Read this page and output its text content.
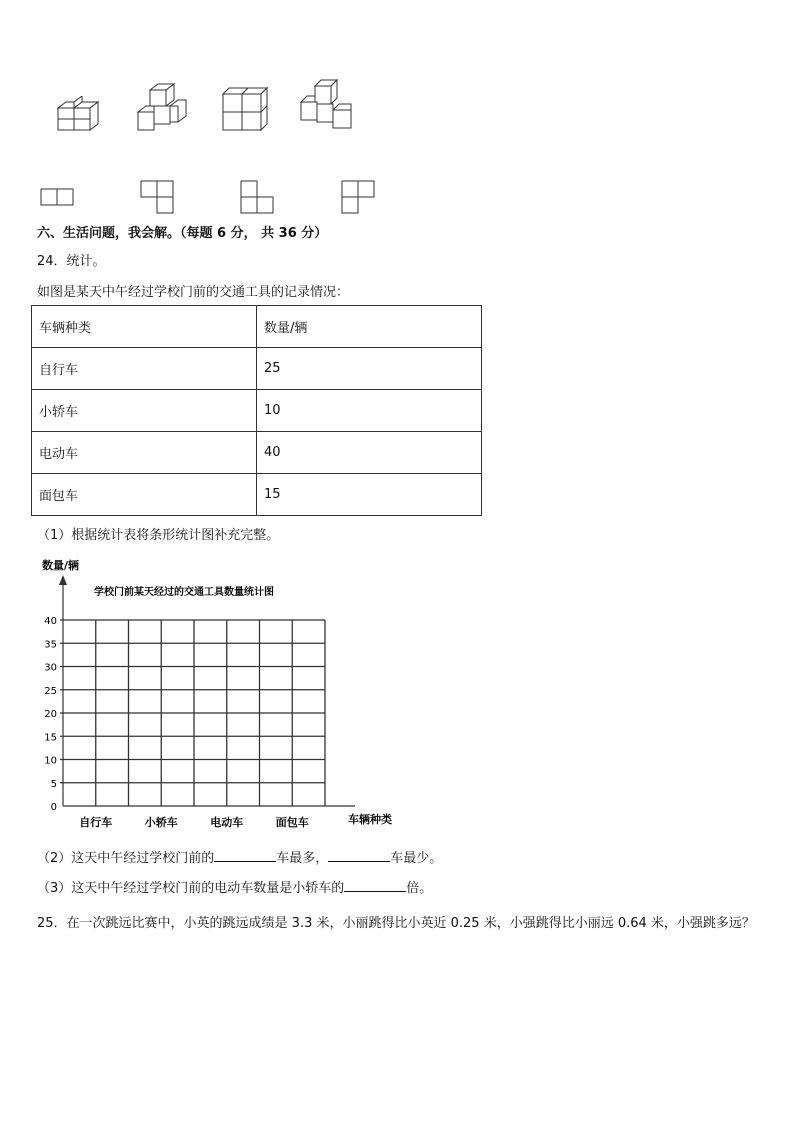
六、生活问题，我会解。（每题 6 分， 共 36 分）
24．统计。
如图是某天中午经过学校门前的交通工具的记录情况：
车辆种类	数量/辆
自行车	25
小轿车	10
电动车	40
面包车	15
（1）根据统计表将条形统计图补充完整。
数量/辆
学校门前某天经过的交通工具数量统计图
车辆种类
0
5
10
15
20
25
30
35
40
自行车	小轿车	电动车	面包车
（2）这天中午经过学校门前的	车最多，	车最少。
（3）这天中午经过学校门前的电动车数量是小轿车的	倍。
25．在一次跳远比赛中，小英的跳远成绩是 3.3 米，小丽跳得比小英近 0.25 米，小强跳得比小丽远 0.64 米，小强跳多远？
